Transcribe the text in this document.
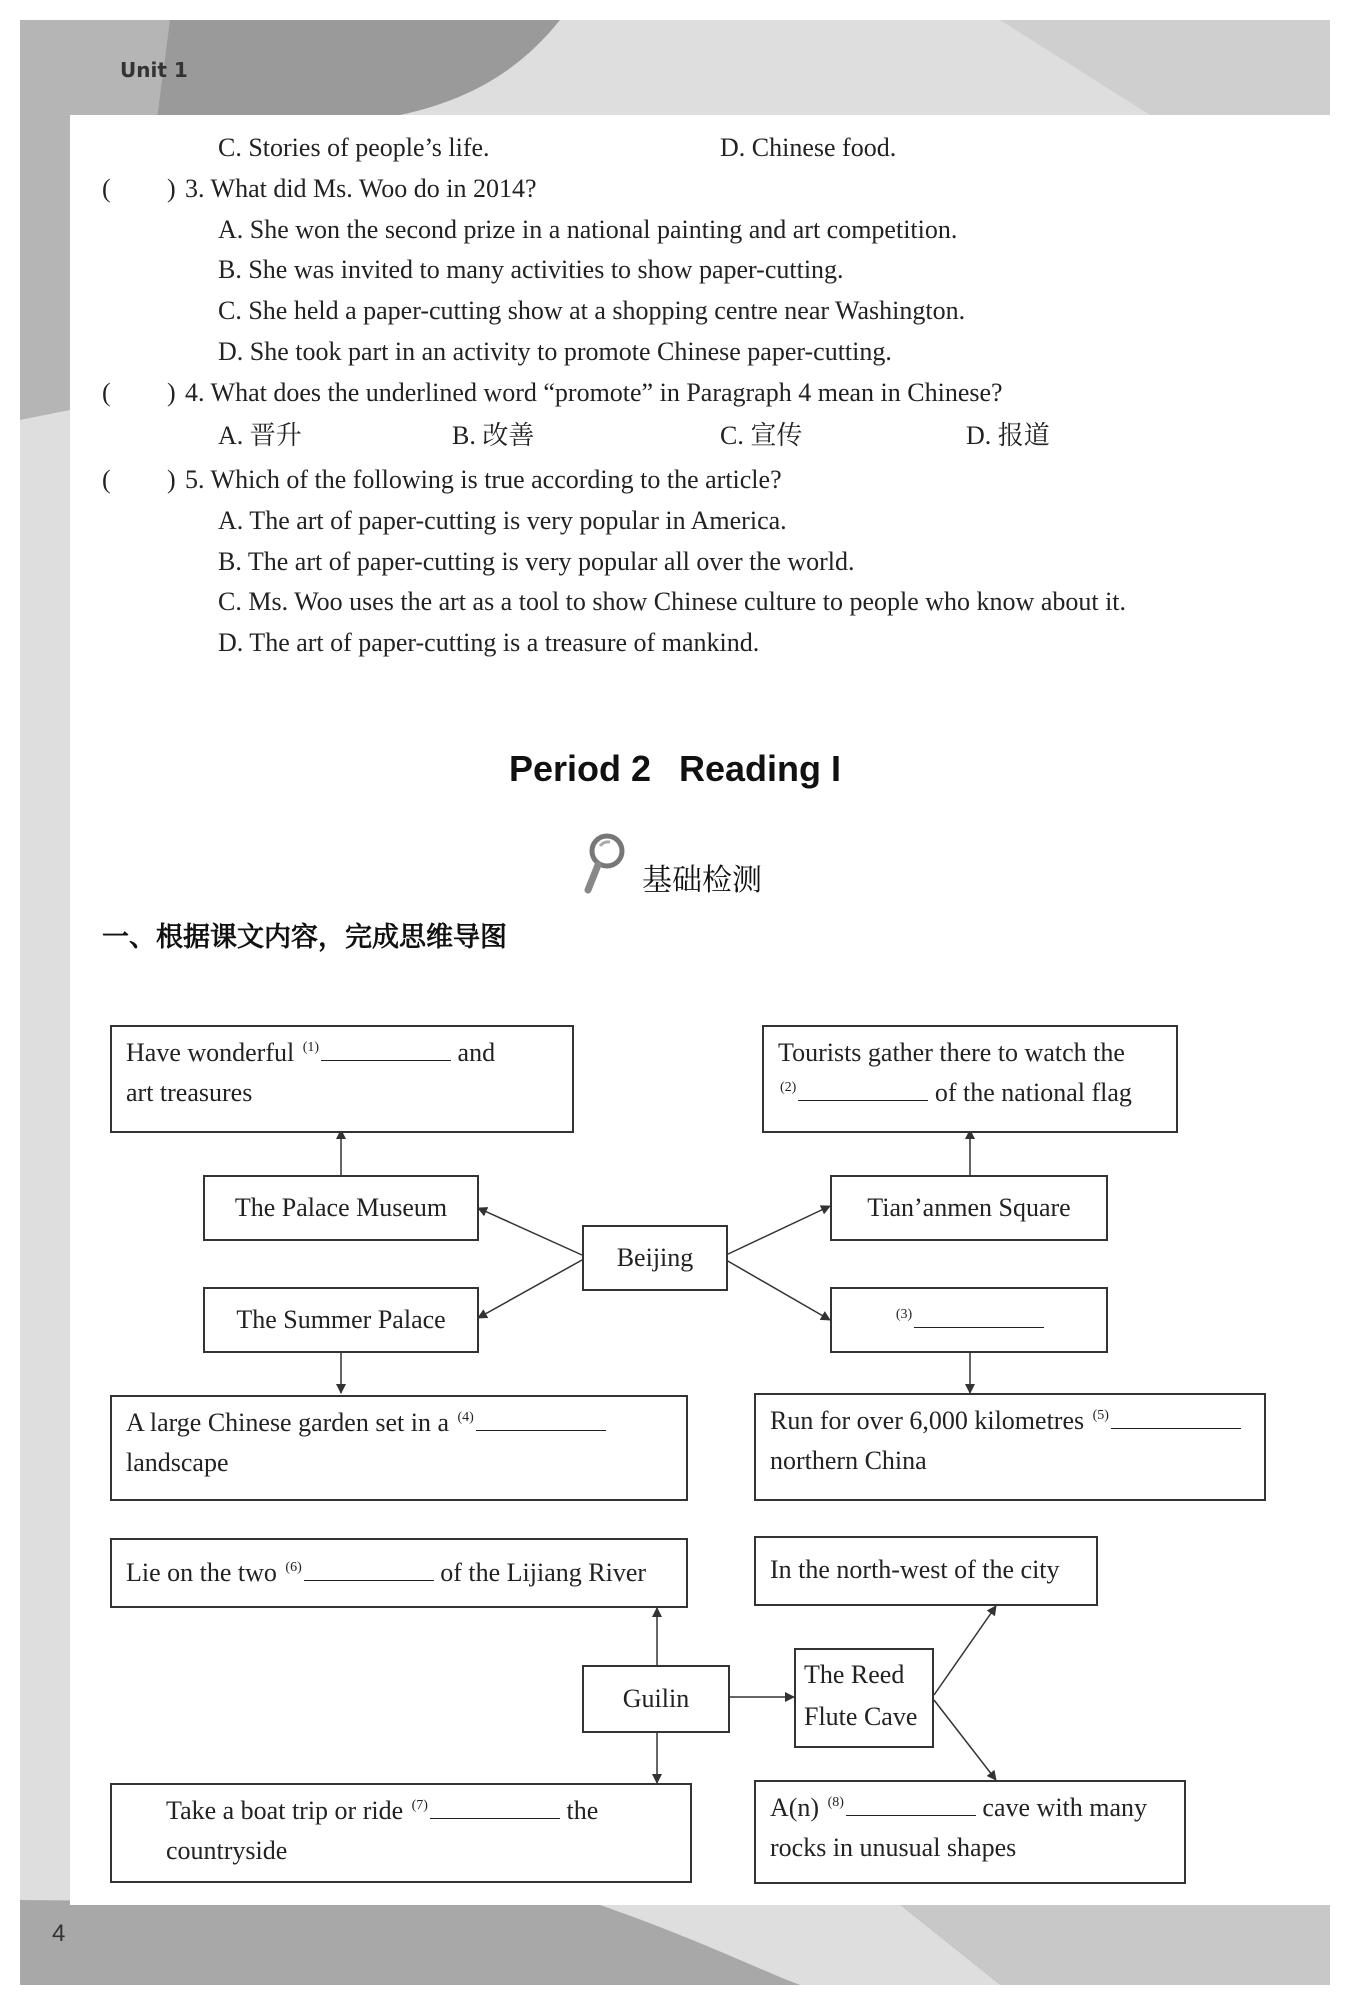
Unit 1
4
C. Stories of people’s life.	D. Chinese food.
( ) 3. What did Ms. Woo do in 2014?
A. She won the second prize in a national painting and art competition.
B. She was invited to many activities to show paper-cutting.
C. She held a paper-cutting show at a shopping centre near Washington.
D. She took part in an activity to promote Chinese paper-cutting.
( ) 4. What does the underlined word “promote” in Paragraph 4 mean in Chinese?
A. 晋升	B. 改善	C. 宣传	D. 报道
( ) 5. Which of the following is true according to the article?
A. The art of paper-cutting is very popular in America.
B. The art of paper-cutting is very popular all over the world.
C. Ms. Woo uses the art as a tool to show Chinese culture to people who know about it.
D. The art of paper-cutting is a treasure of mankind.
Period 2 Reading I
基础检测
一、根据课文内容，完成思维导图
Have wonderful $^{(1)}$	and
art treasures
Tourists gather there to watch the
$^{(2)}$	of the national flag
The Palace Museum	Tian’anmen Square
Beijing
The Summer Palace	$^{(3)}$
A large Chinese garden set in a $^{(4)}$
landscape
Run for over 6,000 kilometres $^{(5)}$
northern China
Lie on the two $^{(6)}$	of the Lijiang River	In the north-west of the city
Guilin
The Reed
Flute Cave
Take a boat trip or ride $^{(7)}$	the
countryside
A(n) $^{(8)}$	cave with many
rocks in unusual shapes
